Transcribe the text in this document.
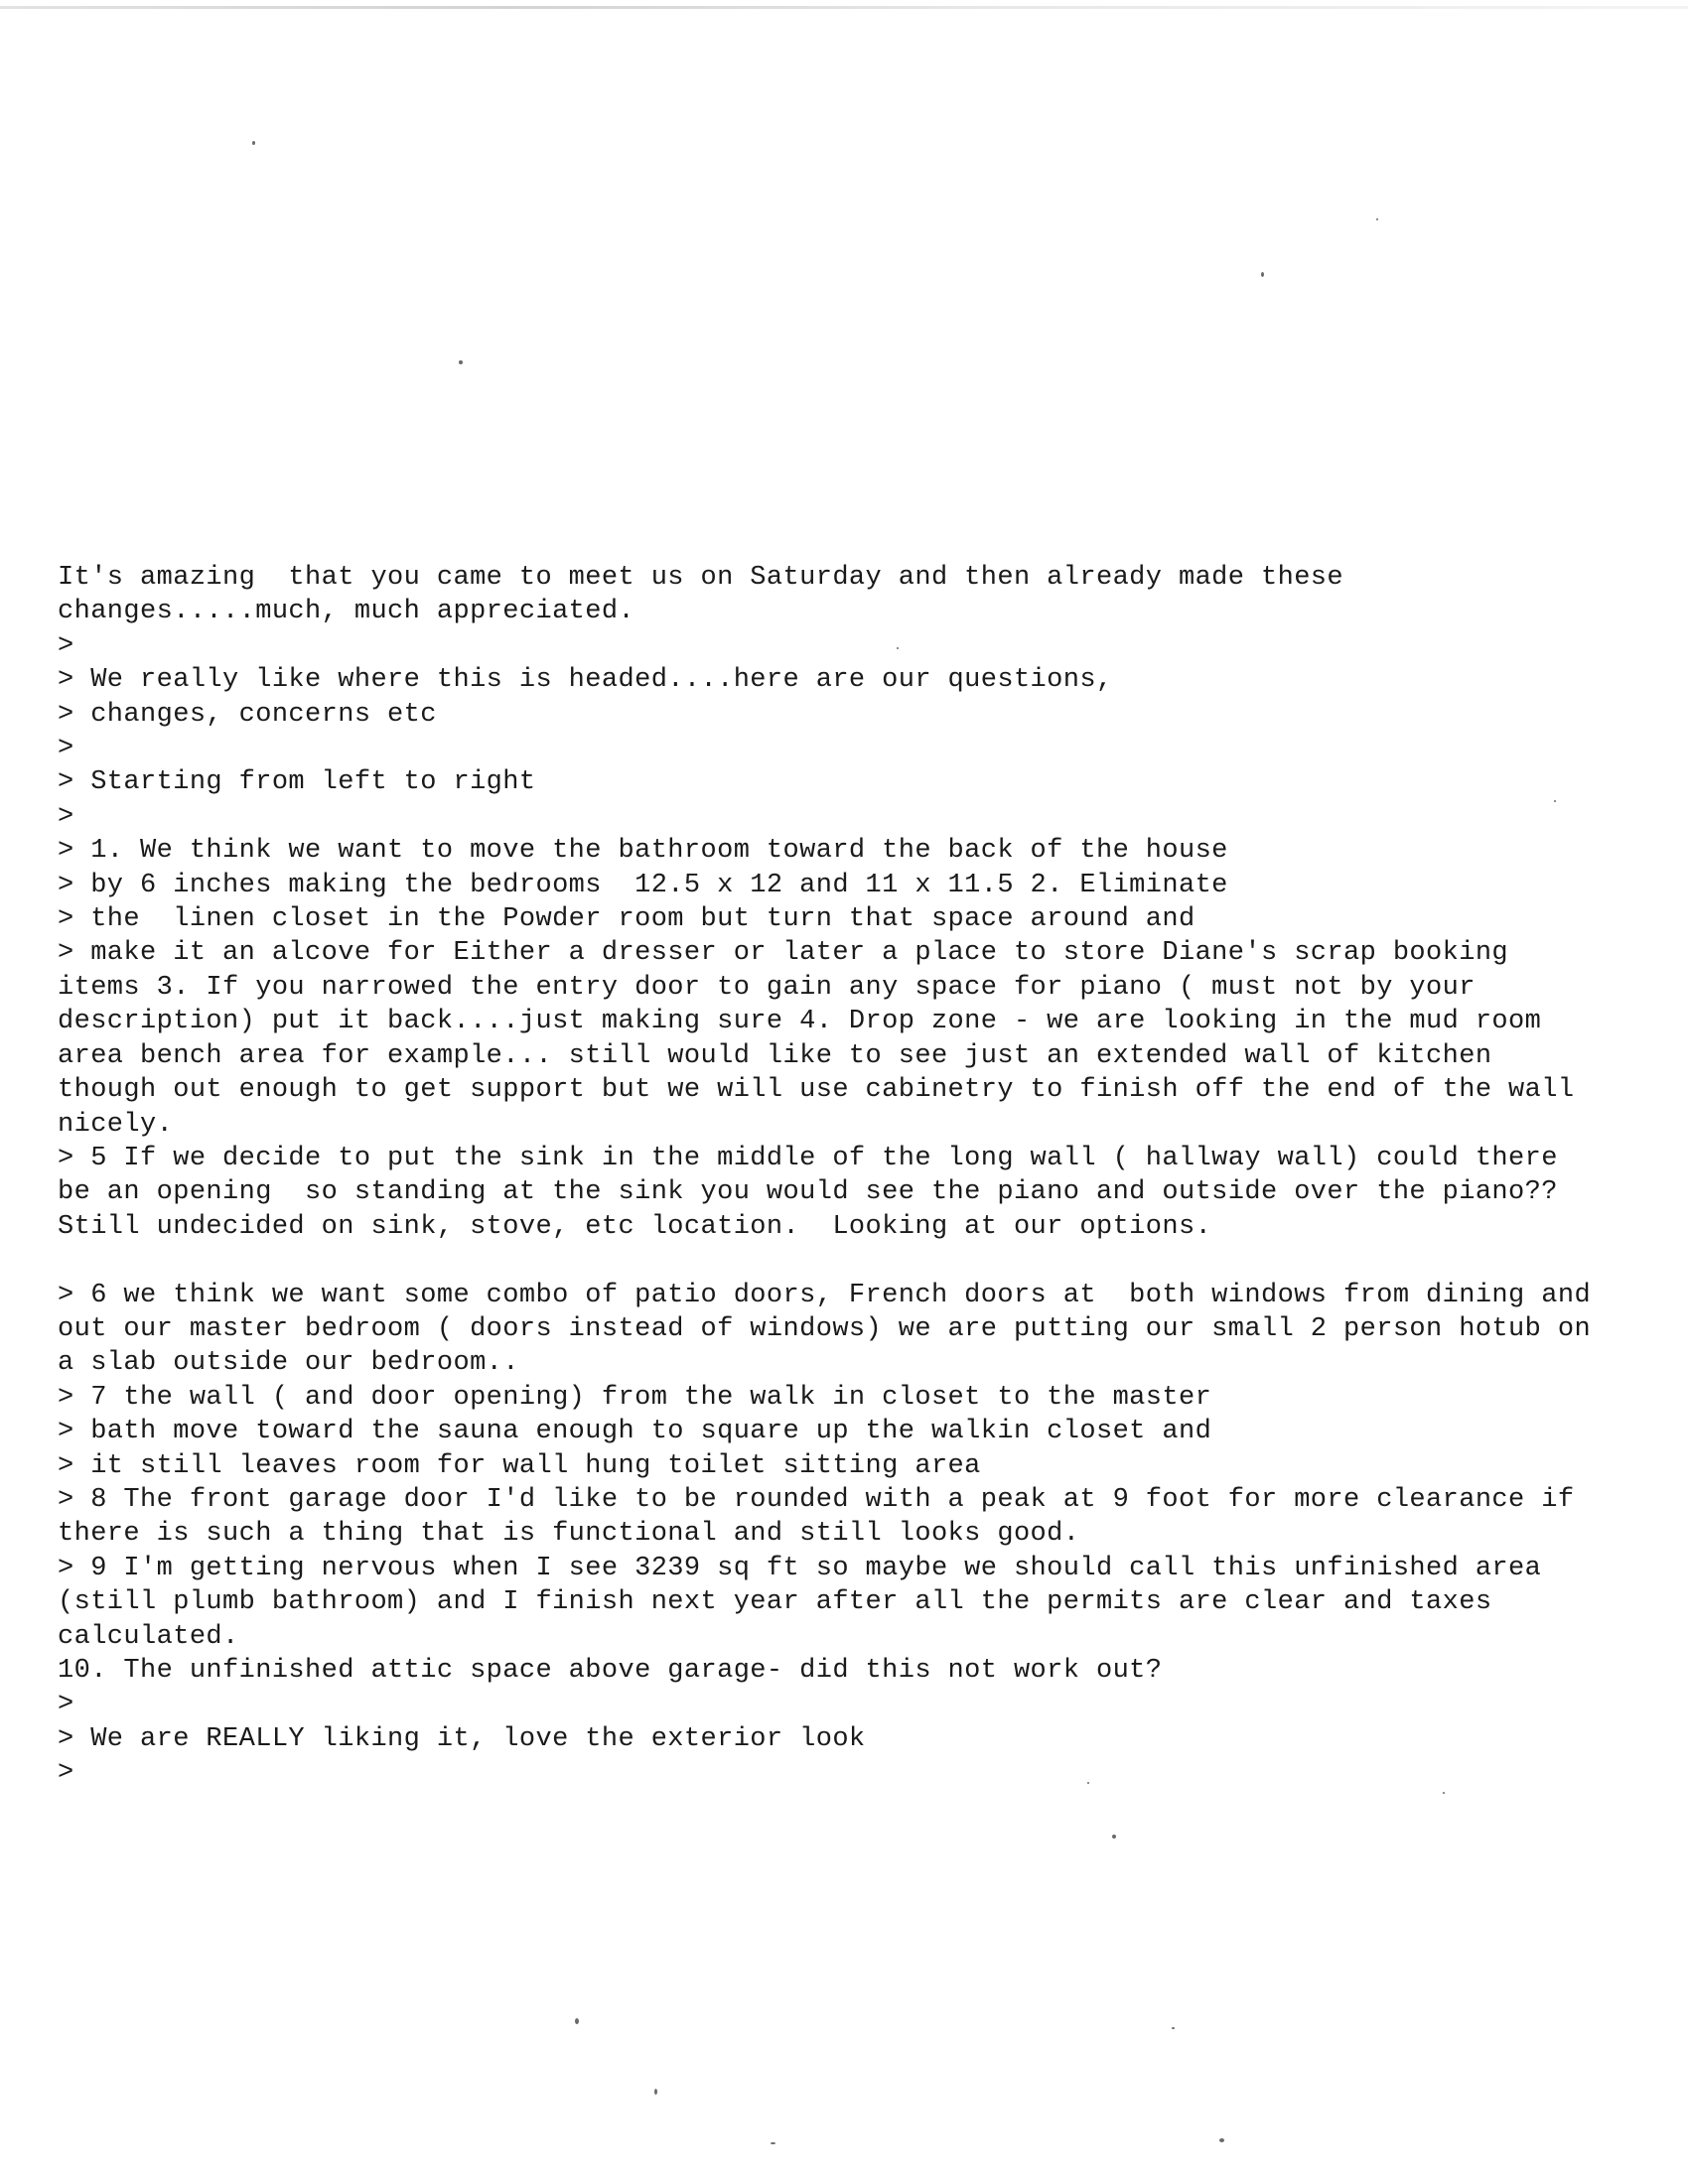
It's amazing  that you came to meet us on Saturday and then already made these
changes.....much, much appreciated.
>
> We really like where this is headed....here are our questions,
> changes, concerns etc
>
> Starting from left to right
>
> 1. We think we want to move the bathroom toward the back of the house
> by 6 inches making the bedrooms  12.5 x 12 and 11 x 11.5 2. Eliminate
> the  linen closet in the Powder room but turn that space around and
> make it an alcove for Either a dresser or later a place to store Diane's scrap booking
items 3. If you narrowed the entry door to gain any space for piano ( must not by your
description) put it back....just making sure 4. Drop zone - we are looking in the mud room
area bench area for example... still would like to see just an extended wall of kitchen
though out enough to get support but we will use cabinetry to finish off the end of the wall
nicely.
> 5 If we decide to put the sink in the middle of the long wall ( hallway wall) could there
be an opening  so standing at the sink you would see the piano and outside over the piano??
Still undecided on sink, stove, etc location.  Looking at our options.
> 6 we think we want some combo of patio doors, French doors at  both windows from dining and
out our master bedroom ( doors instead of windows) we are putting our small 2 person hotub on
a slab outside our bedroom..
> 7 the wall ( and door opening) from the walk in closet to the master
> bath move toward the sauna enough to square up the walkin closet and
> it still leaves room for wall hung toilet sitting area
> 8 The front garage door I'd like to be rounded with a peak at 9 foot for more clearance if
there is such a thing that is functional and still looks good.
> 9 I'm getting nervous when I see 3239 sq ft so maybe we should call this unfinished area
(still plumb bathroom) and I finish next year after all the permits are clear and taxes
calculated.
10. The unfinished attic space above garage- did this not work out?
>
> We are REALLY liking it, love the exterior look
>
